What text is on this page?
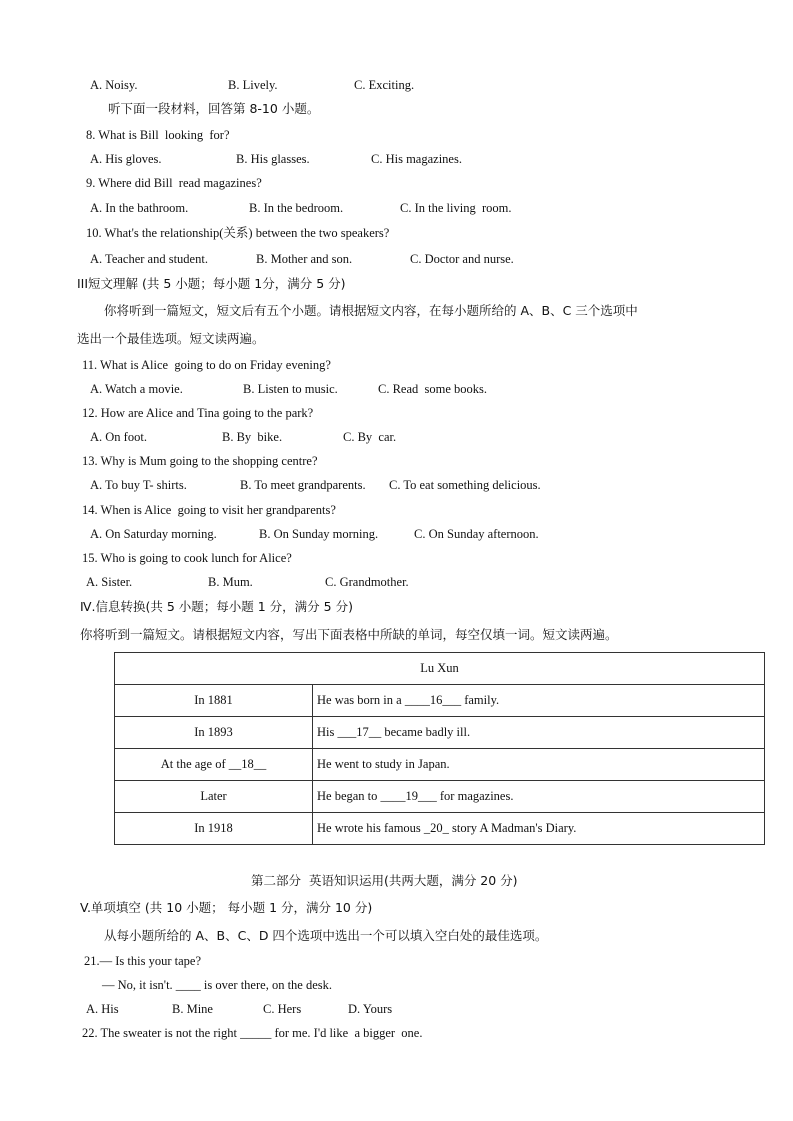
A. Noisy.	B. Lively.	C. Exciting.
听下面一段材料，回答第 8-10 小题。
8. What is Bill  looking  for?
A. His gloves.	B. His glasses.	C. His magazines.
9. Where did Bill  read magazines?
A. In the bathroom.	B. In the bedroom.	C. In the living  room.
10. What's the relationship(关系) between the two speakers?
A. Teacher and student.	B. Mother and son.	C. Doctor and nurse.
III短文理解 (共 5 小题；每小题 1分，满分 5 分)
你将听到一篇短文，短文后有五个小题。请根据短文内容，在每小题所给的 A、B、C 三个选项中
选出一个最佳选项。短文读两遍。
11. What is Alice  going to do on Friday evening?
A. Watch a movie.	B. Listen to music.	C. Read  some books.
12. How are Alice and Tina going to the park?
A. On foot.	B. By  bike.	C. By  car.
13. Why is Mum going to the shopping centre?
A. To buy T- shirts.	B. To meet grandparents. C. To eat something delicious.
14. When is Alice  going to visit her grandparents?
A. On Saturday morning.	B. On Sunday morning.	C. On Sunday afternoon.
15. Who is going to cook lunch for Alice?
A. Sister.	B. Mum.	C. Grandmother.
Ⅳ.信息转换(共 5 小题；每小题 1 分，满分 5 分)
你将听到一篇短文。请根据短文内容，写出下面表格中所缺的单词，每空仅填一词。短文读两遍。
Lu Xun	
In 1881	He was born in a ____16___ family.
In 1893	His ___17__ became badly ill.
At the age of __18__	He went to study in Japan.
Later	He began to ____19___ for magazines.
In 1918	He wrote his famous _20_ story A Madman's Diary.
第二部分  英语知识运用(共两大题，满分 20 分)
V.单项填空 (共 10 小题； 每小题 1 分，满分 10 分)
从每小题所给的 A、B、C、D 四个选项中选出一个可以填入空白处的最佳选项。
21.— Is this your tape?
— No, it isn't. ____ is over there, on the desk.
A. His	B. Mine	C. Hers	D. Yours
22. The sweater is not the right _____ for me. I'd like  a bigger  one.
